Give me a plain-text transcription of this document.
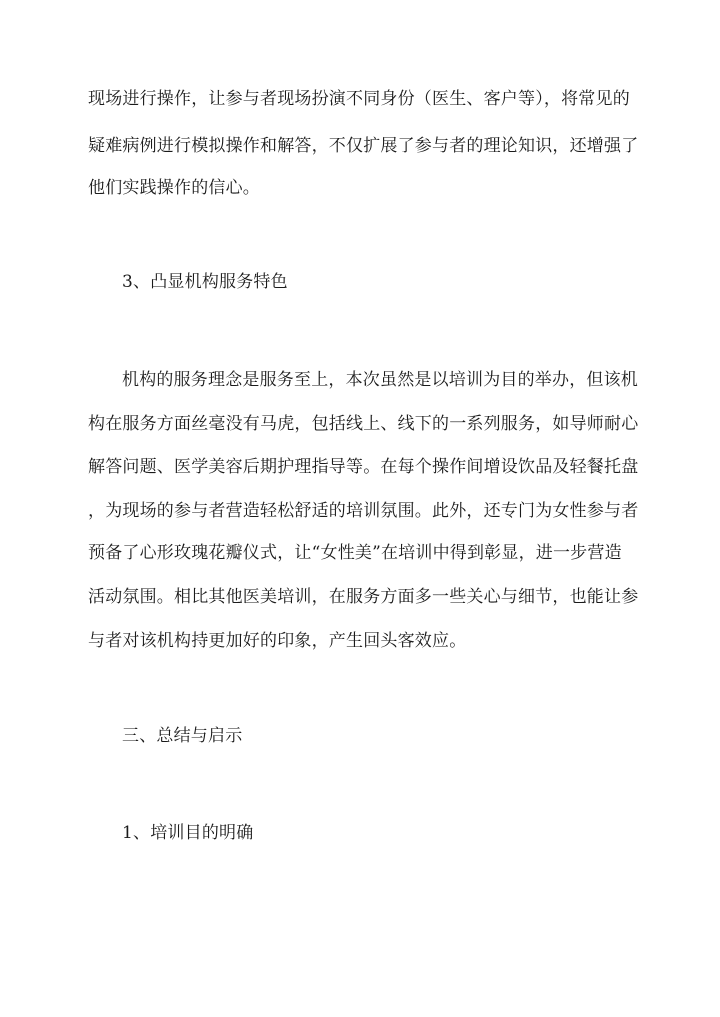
现场进行操作，让参与者现场扮演不同身份（医生、客户等），将常见的
疑难病例进行模拟操作和解答，不仅扩展了参与者的理论知识，还增强了
他们实践操作的信心。
3、凸显机构服务特色
机构的服务理念是服务至上，本次虽然是以培训为目的举办，但该机
构在服务方面丝毫没有马虎，包括线上、线下的一系列服务，如导师耐心
解答问题、医学美容后期护理指导等。在每个操作间增设饮品及轻餐托盘
，为现场的参与者营造轻松舒适的培训氛围。此外，还专门为女性参与者
预备了心形玫瑰花瓣仪式，让“女性美”在培训中得到彰显，进一步营造
活动氛围。相比其他医美培训，在服务方面多一些关心与细节，也能让参
与者对该机构持更加好的印象，产生回头客效应。
三、总结与启示
1、培训目的明确
